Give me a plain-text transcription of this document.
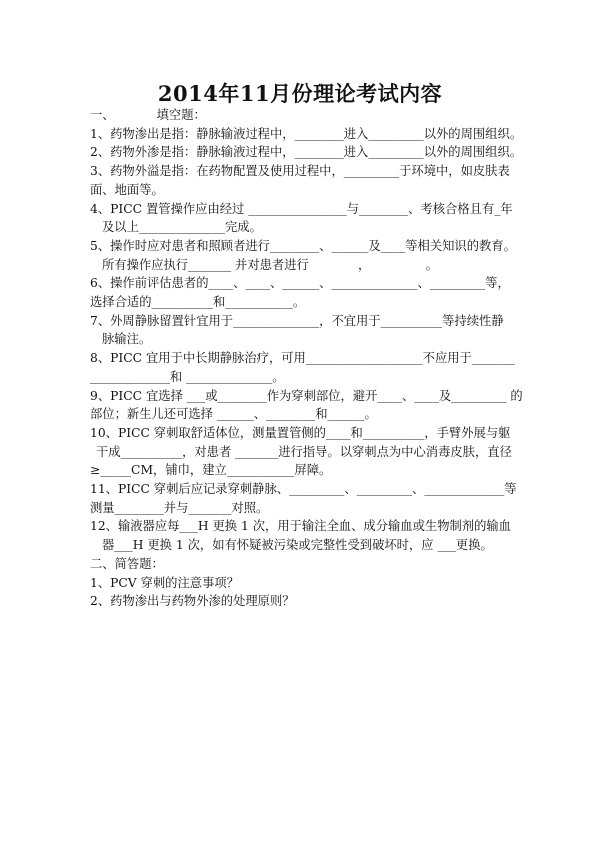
2014年11月份理论考试内容
一、	填空题：
1、药物渗出是指：静脉输液过程中，________进入_________以外的周围组织。
2、药物外渗是指：静脉输液过程中，________进入_________以外的周围组织。
3、药物外溢是指：在药物配置及使用过程中，_________于环境中，如皮肤表
面、地面等。
4、PICC 置管操作应由经过 ________________与________、考核合格且有_年
及以上______________完成。
5、操作时应对患者和照顾者进行________、______及____等相关知识的教育。
所有操作应执行_______ 并对患者进行　　　　，　　　　　。
6、操作前评估患者的____、____、______、______________、_________等，
选择合适的__________和___________。
7、外周静脉留置针宜用于______________，不宜用于__________等持续性静
脉输注。
8、PICC 宜用于中长期静脉治疗，可用___________________不应用于_______
_____________和 ______________。
9、PICC 宜选择 ___或________作为穿刺部位，避开____、____及_________ 的
部位；新生儿还可选择 ______、________和______。
10、PICC 穿刺取舒适体位，测量置管侧的____和__________，手臂外展与躯
干成__________，对患者 _______进行指导。以穿刺点为中心消毒皮肤，直径
≥_____CM，铺巾，建立___________屏障。
11、PICC 穿刺后应记录穿刺静脉、_________、_________、_____________等
测量________并与_______对照。
12、输液器应每___H 更换 1 次，用于输注全血、成分输血或生物制剂的输血
器___H 更换 1 次，如有怀疑被污染或完整性受到破坏时，应 ___更换。
二、简答题：
1、PCV 穿刺的注意事项？
2、药物渗出与药物外渗的处理原则？
